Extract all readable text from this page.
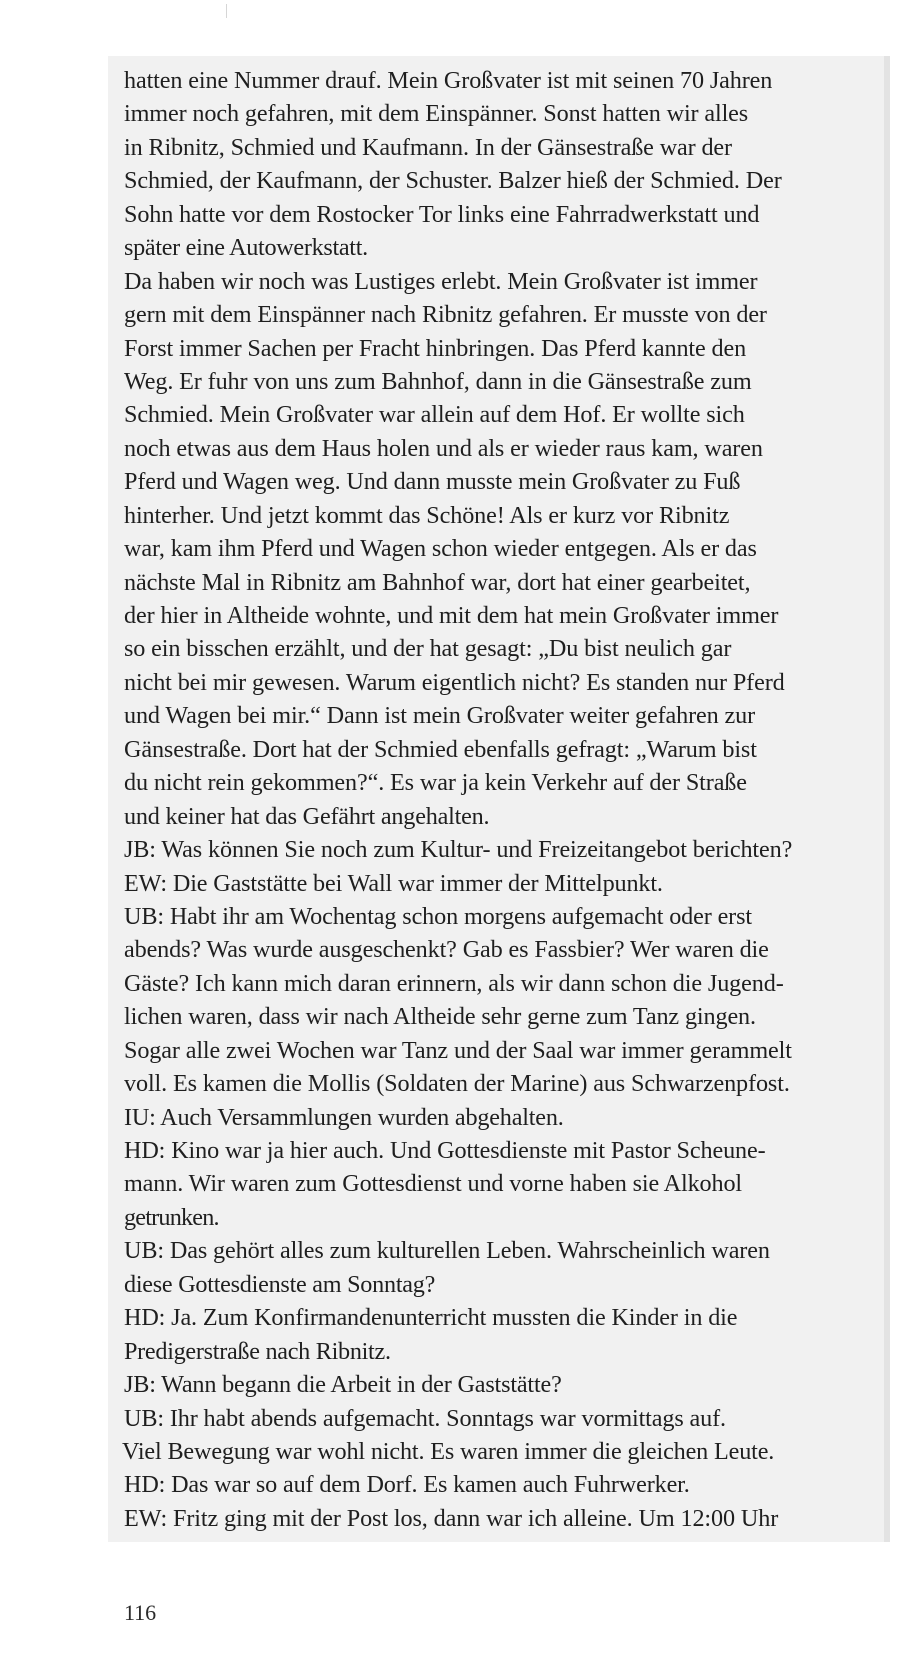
hatten eine Nummer drauf. Mein Großvater ist mit seinen 70 Jahren
immer noch gefahren, mit dem Einspänner. Sonst hatten wir alles
in Ribnitz, Schmied und Kaufmann. In der Gänsestraße war der
Schmied, der Kaufmann, der Schuster. Balzer hieß der Schmied. Der
Sohn hatte vor dem Rostocker Tor links eine Fahrradwerkstatt und
später eine Autowerkstatt.
Da haben wir noch was Lustiges erlebt. Mein Großvater ist immer
gern mit dem Einspänner nach Ribnitz gefahren. Er musste von der
Forst immer Sachen per Fracht hinbringen. Das Pferd kannte den
Weg. Er fuhr von uns zum Bahnhof, dann in die Gänsestraße zum
Schmied. Mein Großvater war allein auf dem Hof. Er wollte sich
noch etwas aus dem Haus holen und als er wieder raus kam, waren
Pferd und Wagen weg. Und dann musste mein Großvater zu Fuß
hinterher. Und jetzt kommt das Schöne! Als er kurz vor Ribnitz
war, kam ihm Pferd und Wagen schon wieder entgegen. Als er das
nächste Mal in Ribnitz am Bahnhof war, dort hat einer gearbeitet,
der hier in Altheide wohnte, und mit dem hat mein Großvater immer
so ein bisschen erzählt, und der hat gesagt: „Du bist neulich gar
nicht bei mir gewesen. Warum eigentlich nicht? Es standen nur Pferd
und Wagen bei mir.“ Dann ist mein Großvater weiter gefahren zur
Gänsestraße. Dort hat der Schmied ebenfalls gefragt: „Warum bist
du nicht rein gekommen?“. Es war ja kein Verkehr auf der Straße
und keiner hat das Gefährt angehalten.
JB: Was können Sie noch zum Kultur- und Freizeitangebot berichten?
EW: Die Gaststätte bei Wall war immer der Mittelpunkt.
UB: Habt ihr am Wochentag schon morgens aufgemacht oder erst
abends? Was wurde ausgeschenkt? Gab es Fassbier? Wer waren die
Gäste? Ich kann mich daran erinnern, als wir dann schon die Jugend-
lichen waren, dass wir nach Altheide sehr gerne zum Tanz gingen.
Sogar alle zwei Wochen war Tanz und der Saal war immer gerammelt
voll. Es kamen die Mollis (Soldaten der Marine) aus Schwarzenpfost.
IU: Auch Versammlungen wurden abgehalten.
HD: Kino war ja hier auch. Und Gottesdienste mit Pastor Scheune-
mann. Wir waren zum Gottesdienst und vorne haben sie Alkohol
getrunken.
UB: Das gehört alles zum kulturellen Leben. Wahrscheinlich waren
diese Gottesdienste am Sonntag?
HD: Ja. Zum Konfirmandenunterricht mussten die Kinder in die
Predigerstraße nach Ribnitz.
JB: Wann begann die Arbeit in der Gaststätte?
UB: Ihr habt abends aufgemacht. Sonntags war vormittags auf.
Viel Bewegung war wohl nicht. Es waren immer die gleichen Leute.
HD: Das war so auf dem Dorf. Es kamen auch Fuhrwerker.
EW: Fritz ging mit der Post los, dann war ich alleine. Um 12:00 Uhr
116
